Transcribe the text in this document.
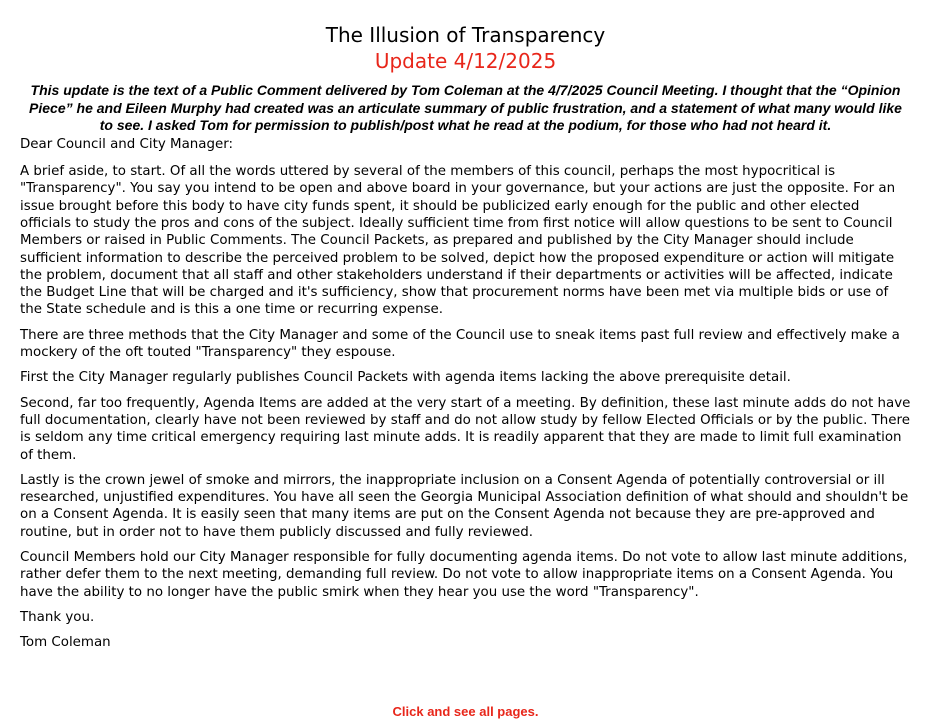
The Illusion of Transparency
Update 4/12/2025
This update is the text of a Public Comment delivered by Tom Coleman at the 4/7/2025 Council Meeting. I thought that the “Opinion Piece” he and Eileen Murphy had created was an articulate summary of public frustration, and a statement of what many would like to see. I asked Tom for permission to publish/post what he read at the podium, for those who had not heard it.

Dear Council and City Manager:

A brief aside, to start. Of all the words uttered by several of the members of this council, perhaps the most hypocritical is "Transparency". You say you intend to be open and above board in your governance, but your actions are just the opposite. For an issue brought before this body to have city funds spent, it should be publicized early enough for the public and other elected officials to study the pros and cons of the subject. Ideally sufficient time from first notice will allow questions to be sent to Council Members or raised in Public Comments. The Council Packets, as prepared and published by the City Manager should include sufficient information to describe the perceived problem to be solved, depict how the proposed expenditure or action will mitigate the problem, document that all staff and other stakeholders understand if their departments or activities will be affected, indicate the Budget Line that will be charged and it's sufficiency, show that procurement norms have been met via multiple bids or use of the State schedule and is this a one time or recurring expense.

There are three methods that the City Manager and some of the Council use to sneak items past full review and effectively make a mockery of the oft touted "Transparency" they espouse.

First the City Manager regularly publishes Council Packets with agenda items lacking the above prerequisite detail.

Second, far too frequently, Agenda Items are added at the very start of a meeting. By definition, these last minute adds do not have full documentation, clearly have not been reviewed by staff and do not allow study by fellow Elected Officials or by the public. There is seldom any time critical emergency requiring last minute adds. It is readily apparent that they are made to limit full examination of them.

Lastly is the crown jewel of smoke and mirrors, the inappropriate inclusion on a Consent Agenda of potentially controversial or ill researched, unjustified expenditures. You have all seen the Georgia Municipal Association definition of what should and shouldn't be on a Consent Agenda. It is easily seen that many items are put on the Consent Agenda not because they are pre-approved and routine, but in order not to have them publicly discussed and fully reviewed.

Council Members hold our City Manager responsible for fully documenting agenda items. Do not vote to allow last minute additions, rather defer them to the next meeting, demanding full review. Do not vote to allow inappropriate items on a Consent Agenda. You have the ability to no longer have the public smirk when they hear you use the word "Transparency".

Thank you.

Tom Coleman

Click and see all pages.
